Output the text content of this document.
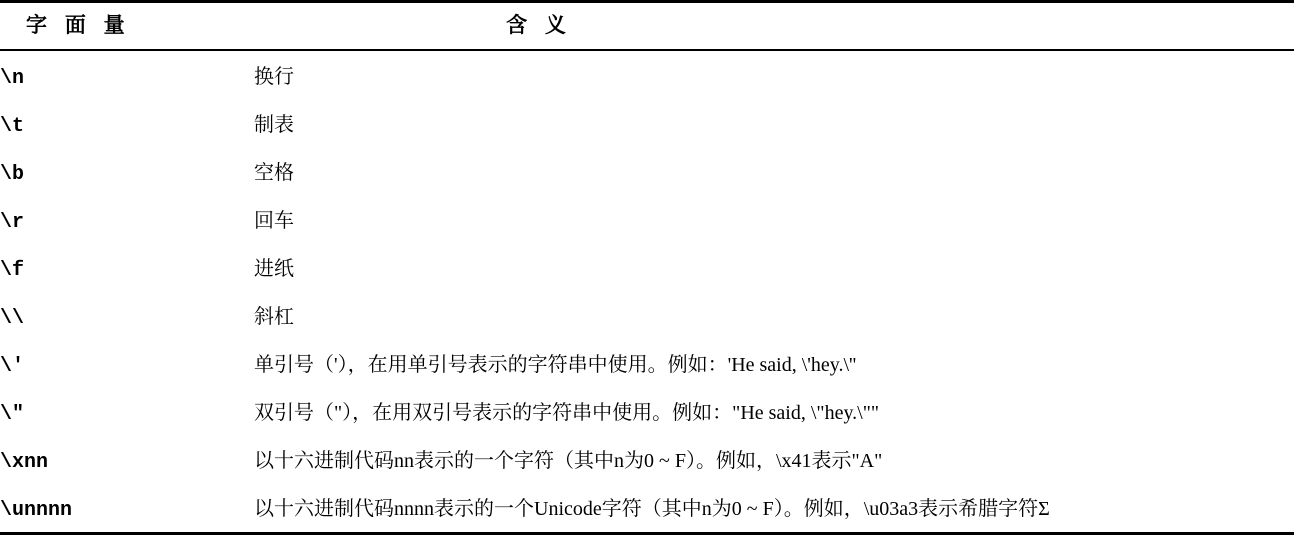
字 面 量	含 义
\n	换行
\t	制表
\b	空格
\r	回车
\f	进纸
\\	斜杠
\'	单引号（'），在用单引号表示的字符串中使用。例如：'He said, \'hey.\''
\"	双引号（"），在用双引号表示的字符串中使用。例如："He said, \"hey.\""
\xnn	以十六进制代码nn表示的一个字符（其中n为0 ~ F）。例如，\x41表示"A"
\unnnn	以十六进制代码nnnn表示的一个Unicode字符（其中n为0 ~ F）。例如，\u03a3表示希腊字符Σ
